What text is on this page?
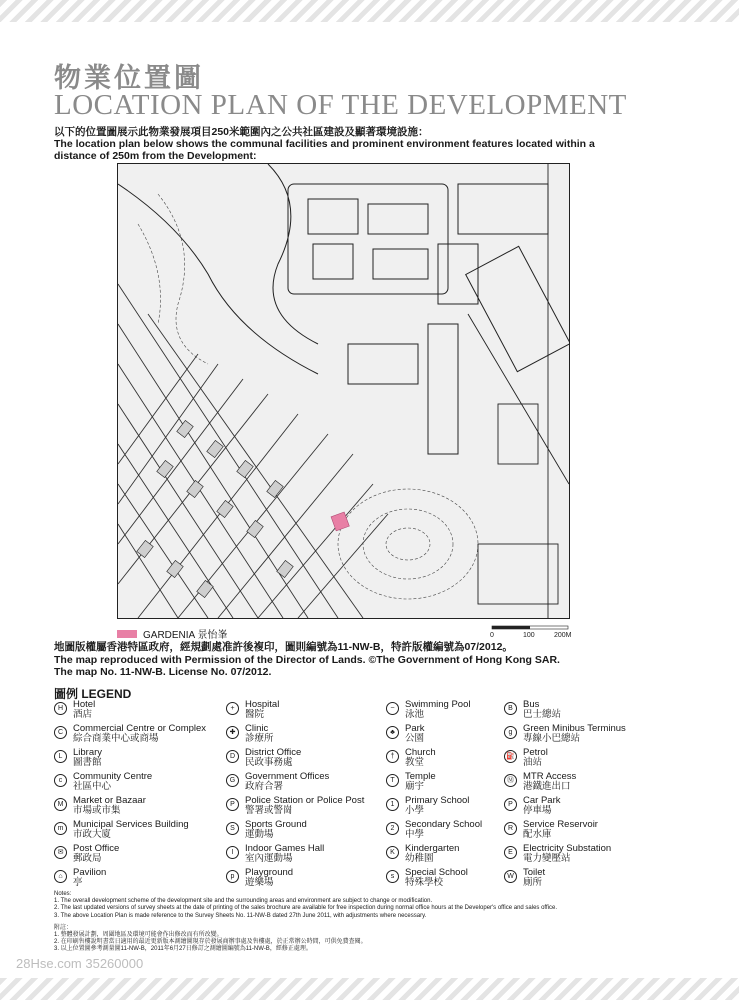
物業位置圖
LOCATION PLAN OF THE DEVELOPMENT
以下的位置圖展示此物業發展項目250米範圍內之公共社區建設及顯著環境設施：
The location plan below shows the communal facilities and prominent environment features located within a
distance of 250m from the Development:
GARDENIA 景怡峯	0	100	200M
地圖版權屬香港特區政府，經規劃處准許後複印，圖則編號為11-NW-B，特許版權編號為07/2012。
The map reproduced with Permission of the Director of Lands. ©The Government of Hong Kong SAR.
The map No. 11-NW-B. License No. 07/2012.
圖例 LEGEND
H	Hotel
酒店
C	Commercial Centre or Complex
綜合商業中心或商場
L	Library
圖書館
c	Community Centre
社區中心
M	Market or Bazaar
市場或市集
m	Municipal Services Building
市政大廈
✉	Post Office
郵政局
⌂	Pavilion
亭
+	Hospital
醫院
✚	Clinic
診療所
D	District Office
民政事務處
G	Government Offices
政府合署
P	Police Station or Police Post
警署或警崗
S	Sports Ground
運動場
I	Indoor Games Hall
室內運動場
p	Playground
遊樂場
~	Swimming Pool
泳池
♣	Park
公園
†	Church
教堂
T	Temple
廟宇
1	Primary School
小學
2	Secondary School
中學
K	Kindergarten
幼稚園
s	Special School
特殊學校
B	Bus
巴士總站
g	Green Minibus Terminus
專線小巴總站
⛽ Petrol
油站
Ⓜ MTR Access
港鐵進出口
P	Car Park
停車場
R	Service Reservoir
配水庫
E	Electricity Substation
電力變壓站
W Toilet
廁所
Notes:
1. The overall development scheme of the development site and the surrounding areas and environment are subject to change or modification.
2. The last updated versions of survey sheets at the date of printing of the sales brochure are available for free inspection during normal office hours at the Developer's office and sales office.
3. The above Location Plan is made reference to the Survey Sheets No. 11-NW-B dated 27th June 2011, with adjustments where necessary.
附註：
1. 整體發展計劃，周圍地區及環境可能會作出修改而有所改變。
2. 在印刷售樓說明書當日適用的最近更新版本測繪圖現存於發展商辦事處及售樓處，於正常辦公時間，可供免費查閱。
3. 以上位置圖參考測量圖11-NW-B，2011年6月27日修訂之測繪圖編號為11-NW-B，經修正處理。
28Hse.com 35260000
